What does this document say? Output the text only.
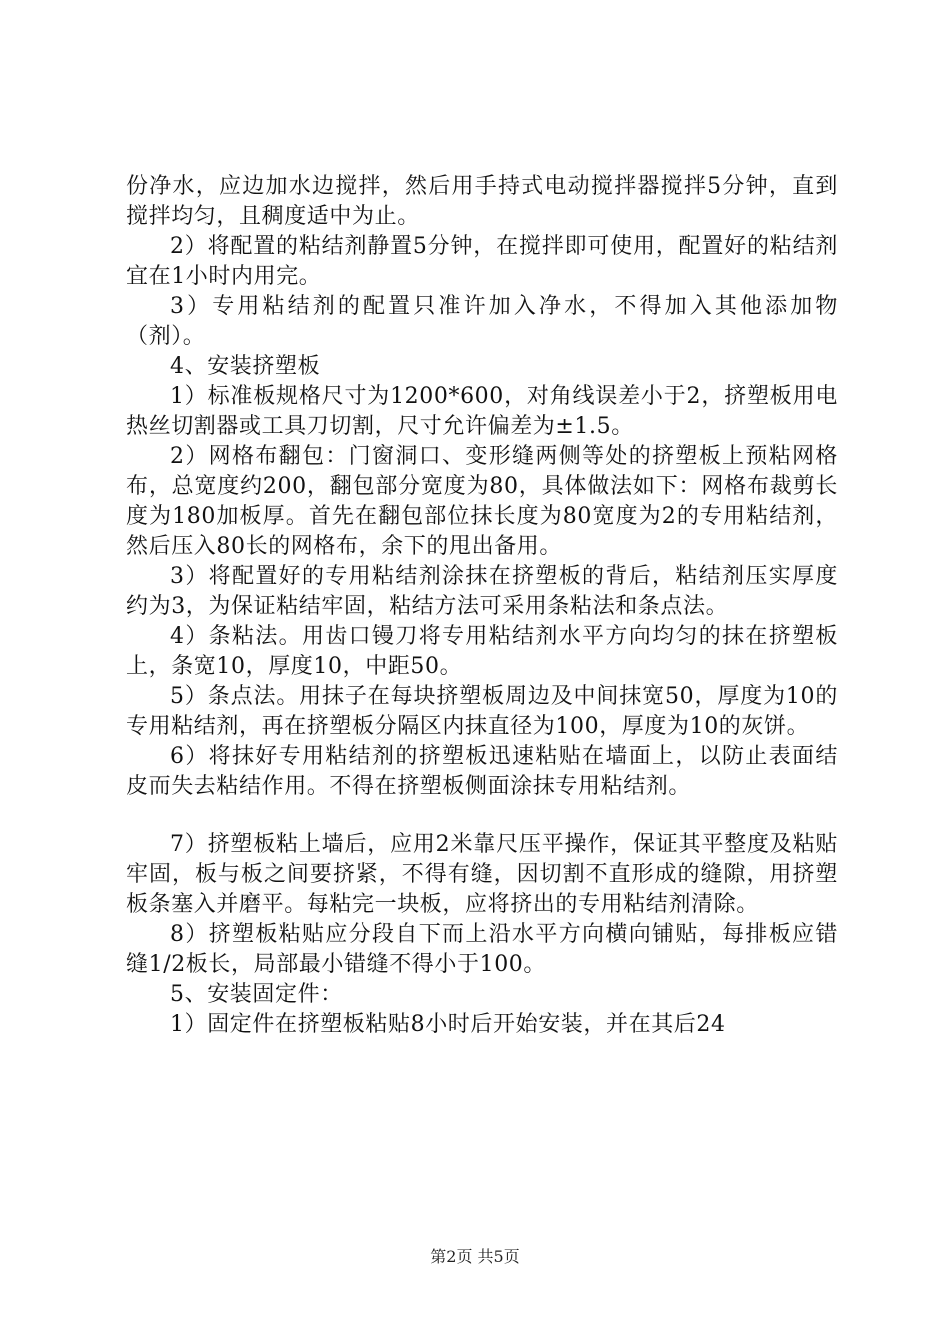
份净水，应边加水边搅拌，然后用手持式电动搅拌器搅拌5分钟，直到搅拌均匀，且稠度适中为止。

2）将配置的粘结剂静置5分钟，在搅拌即可使用，配置好的粘结剂宜在1小时内用完。

3）专用粘结剂的配置只准许加入净水，不得加入其他添加物（剂）。

4、安装挤塑板

1）标准板规格尺寸为1200*600，对角线误差小于2，挤塑板用电热丝切割器或工具刀切割，尺寸允许偏差为±1.5。

2）网格布翻包：门窗洞口、变形缝两侧等处的挤塑板上预粘网格布，总宽度约200，翻包部分宽度为80，具体做法如下：网格布裁剪长度为180加板厚。首先在翻包部位抹长度为80宽度为2的专用粘结剂，然后压入80长的网格布，余下的甩出备用。

3）将配置好的专用粘结剂涂抹在挤塑板的背后，粘结剂压实厚度约为3，为保证粘结牢固，粘结方法可采用条粘法和条点法。

4）条粘法。用齿口镘刀将专用粘结剂水平方向均匀的抹在挤塑板上，条宽10，厚度10，中距50。

5）条点法。用抹子在每块挤塑板周边及中间抹宽50，厚度为10的专用粘结剂，再在挤塑板分隔区内抹直径为100，厚度为10的灰饼。

6）将抹好专用粘结剂的挤塑板迅速粘贴在墙面上，以防止表面结皮而失去粘结作用。不得在挤塑板侧面涂抹专用粘结剂。

7）挤塑板粘上墙后，应用2米靠尺压平操作，保证其平整度及粘贴牢固，板与板之间要挤紧，不得有缝，因切割不直形成的缝隙，用挤塑板条塞入并磨平。每粘完一块板，应将挤出的专用粘结剂清除。

8）挤塑板粘贴应分段自下而上沿水平方向横向铺贴，每排板应错缝1/2板长，局部最小错缝不得小于100。

5、安装固定件：

1）固定件在挤塑板粘贴8小时后开始安装，并在其后24

第2页 共5页
